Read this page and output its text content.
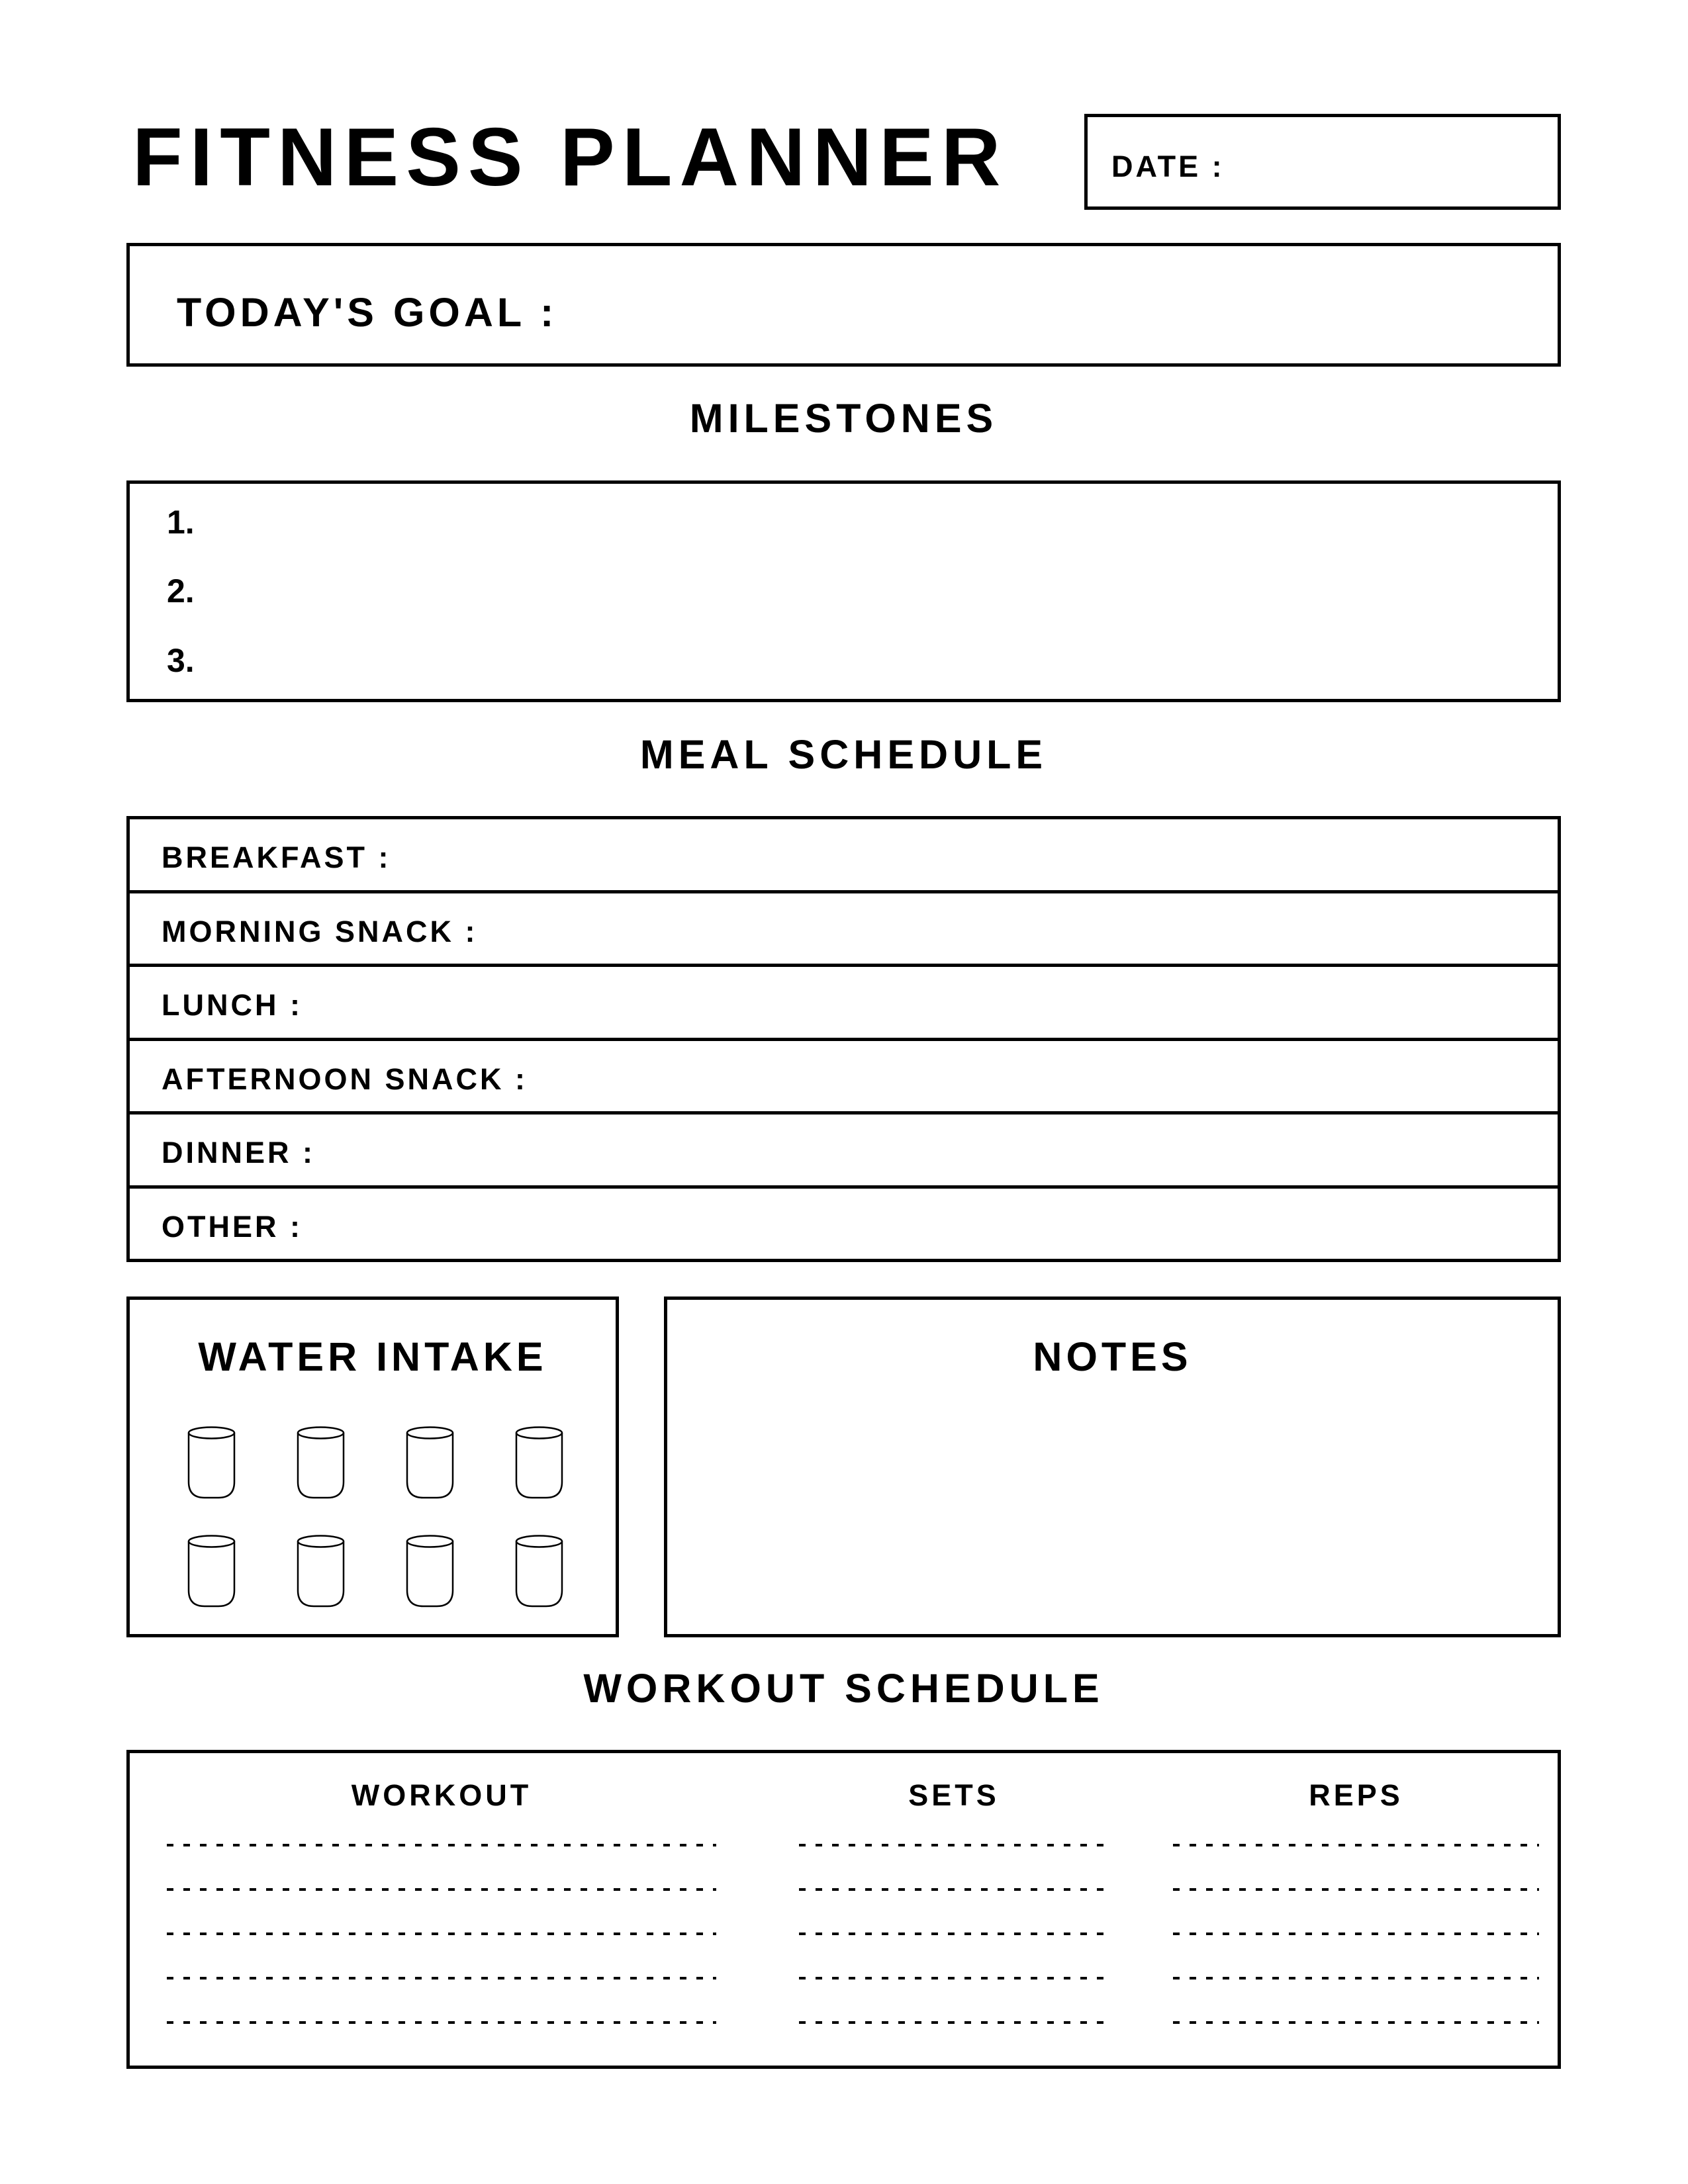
FITNESS PLANNER	DATE :
TODAY'S GOAL :
MILESTONES
1.
2.
3.
MEAL SCHEDULE
BREAKFAST :
MORNING SNACK :
LUNCH :
AFTERNOON SNACK :
DINNER :
OTHER :
WATER INTAKE	NOTES
WORKOUT SCHEDULE
WORKOUT	SETS	REPS
